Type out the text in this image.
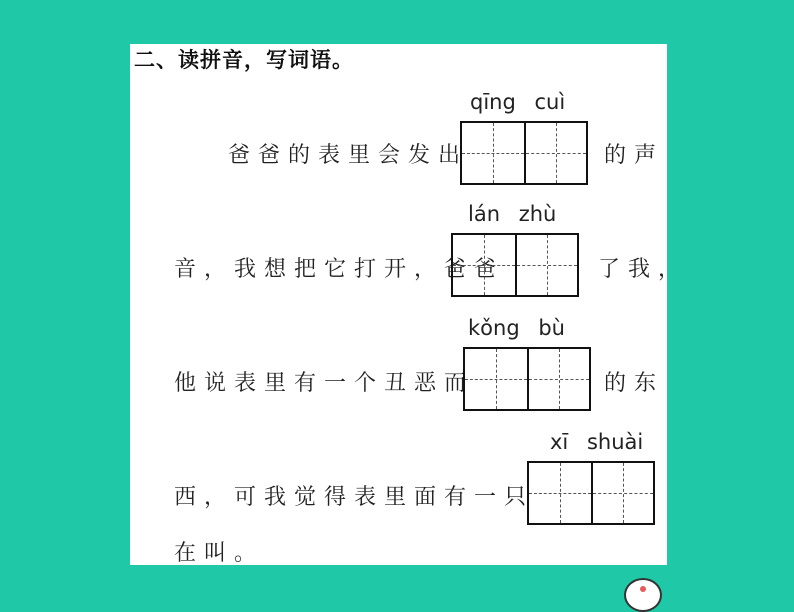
二、读拼音，写词语。
qīng cuì
爸爸的表里会发出	的声
lán zhù
音，我想把它打开，爸爸	了我，
kǒng bù
他说表里有一个丑恶而	的东
xī shuài
西，可我觉得表里面有一只
在叫。
